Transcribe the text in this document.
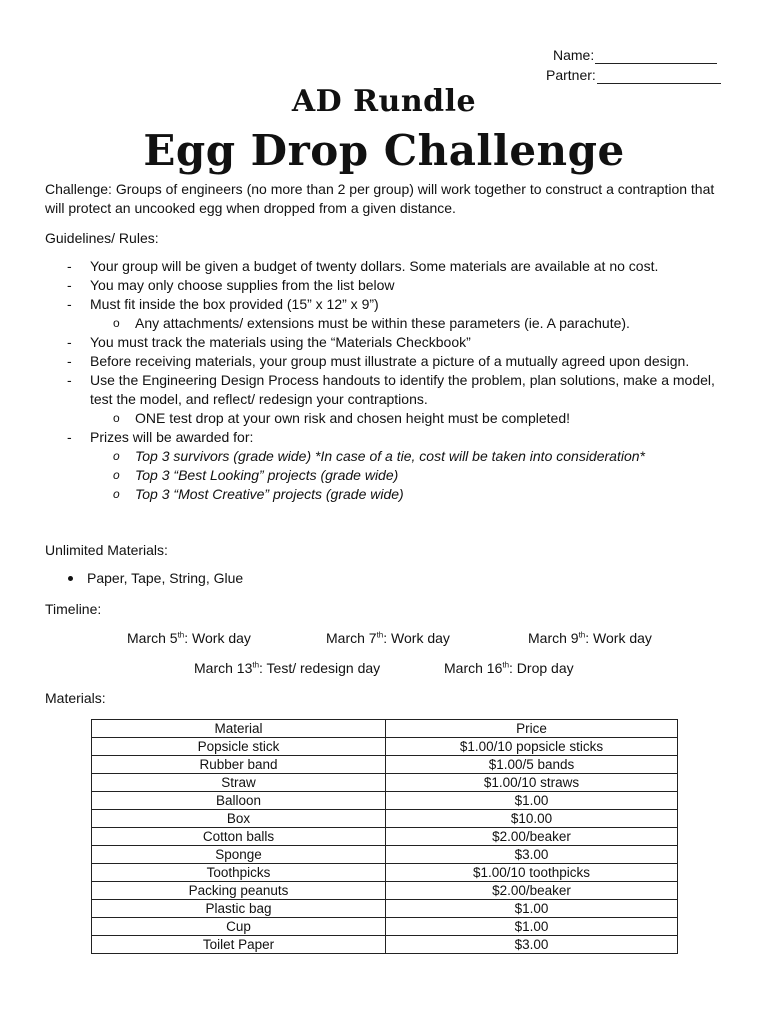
Name:
Partner:
AD Rundle
Egg Drop Challenge
Challenge: Groups of engineers (no more than 2 per group) will work together to construct a contraption that will protect an uncooked egg when dropped from a given distance.
Guidelines/ Rules:
- Your group will be given a budget of twenty dollars. Some materials are available at no cost.
- You may only choose supplies from the list below
- Must fit inside the box provided (15” x 12” x 9”)
o Any attachments/ extensions must be within these parameters (ie. A parachute).
- You must track the materials using the “Materials Checkbook”
- Before receiving materials, your group must illustrate a picture of a mutually agreed upon design.
- Use the Engineering Design Process handouts to identify the problem, plan solutions, make a model, test the model, and reflect/ redesign your contraptions.
o ONE test drop at your own risk and chosen height must be completed!
- Prizes will be awarded for:
o Top 3 survivors (grade wide) *In case of a tie, cost will be taken into consideration*
o Top 3 “Best Looking” projects (grade wide)
o Top 3 “Most Creative” projects (grade wide)
Unlimited Materials:
Paper, Tape, String, Glue
Timeline:
March 5th: Work day	March 7th: Work day	March 9th: Work day
March 13th: Test/ redesign day	March 16th: Drop day
Materials:
Material	Price
Popsicle stick	$1.00/10 popsicle sticks
Rubber band	$1.00/5 bands
Straw	$1.00/10 straws
Balloon	$1.00
Box	$10.00
Cotton balls	$2.00/beaker
Sponge	$3.00
Toothpicks	$1.00/10 toothpicks
Packing peanuts	$2.00/beaker
Plastic bag	$1.00
Cup	$1.00
Toilet Paper	$3.00
